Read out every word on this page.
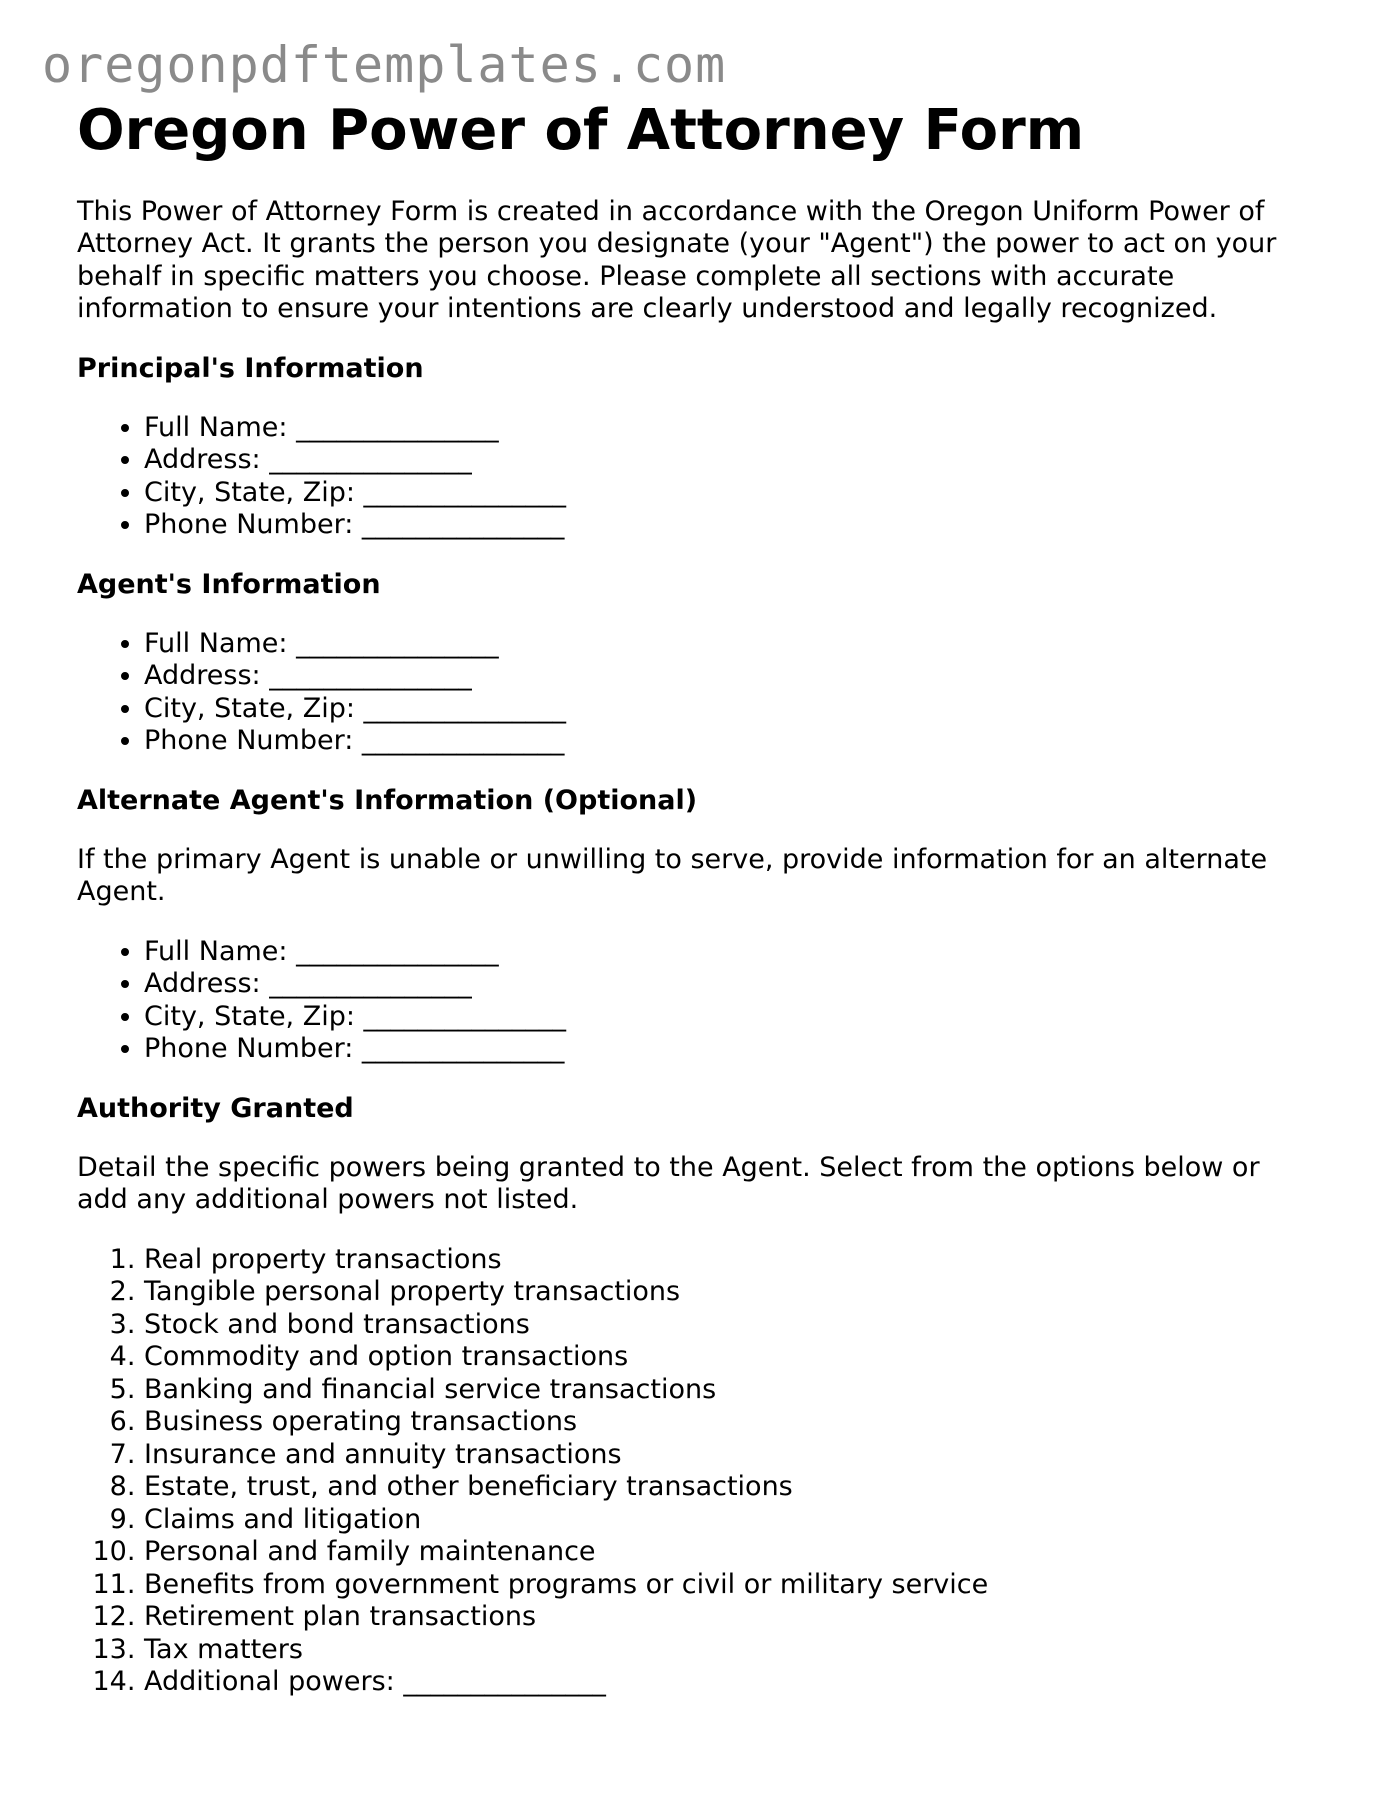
oregonpdftemplates.com
Oregon Power of Attorney Form

This Power of Attorney Form is created in accordance with the Oregon Uniform Power of Attorney Act. It grants the person you designate (your "Agent") the power to act on your behalf in specific matters you choose. Please complete all sections with accurate information to ensure your intentions are clearly understood and legally recognized.

Principal's Information
• Full Name: _______________
• Address: _______________
• City, State, Zip: _______________
• Phone Number: _______________
Agent's Information
• Full Name: _______________
• Address: _______________
• City, State, Zip: _______________
• Phone Number: _______________
Alternate Agent's Information (Optional)

If the primary Agent is unable or unwilling to serve, provide information for an alternate Agent.

• Full Name: _______________
• Address: _______________
• City, State, Zip: _______________
• Phone Number: _______________
Authority Granted

Detail the specific powers being granted to the Agent. Select from the options below or add any additional powers not listed.

1. Real property transactions
2. Tangible personal property transactions
3. Stock and bond transactions
4. Commodity and option transactions
5. Banking and financial service transactions
6. Business operating transactions
7. Insurance and annuity transactions
8. Estate, trust, and other beneficiary transactions
9. Claims and litigation
10. Personal and family maintenance
11. Benefits from government programs or civil or military service
12. Retirement plan transactions
13. Tax matters
14. Additional powers: _______________
